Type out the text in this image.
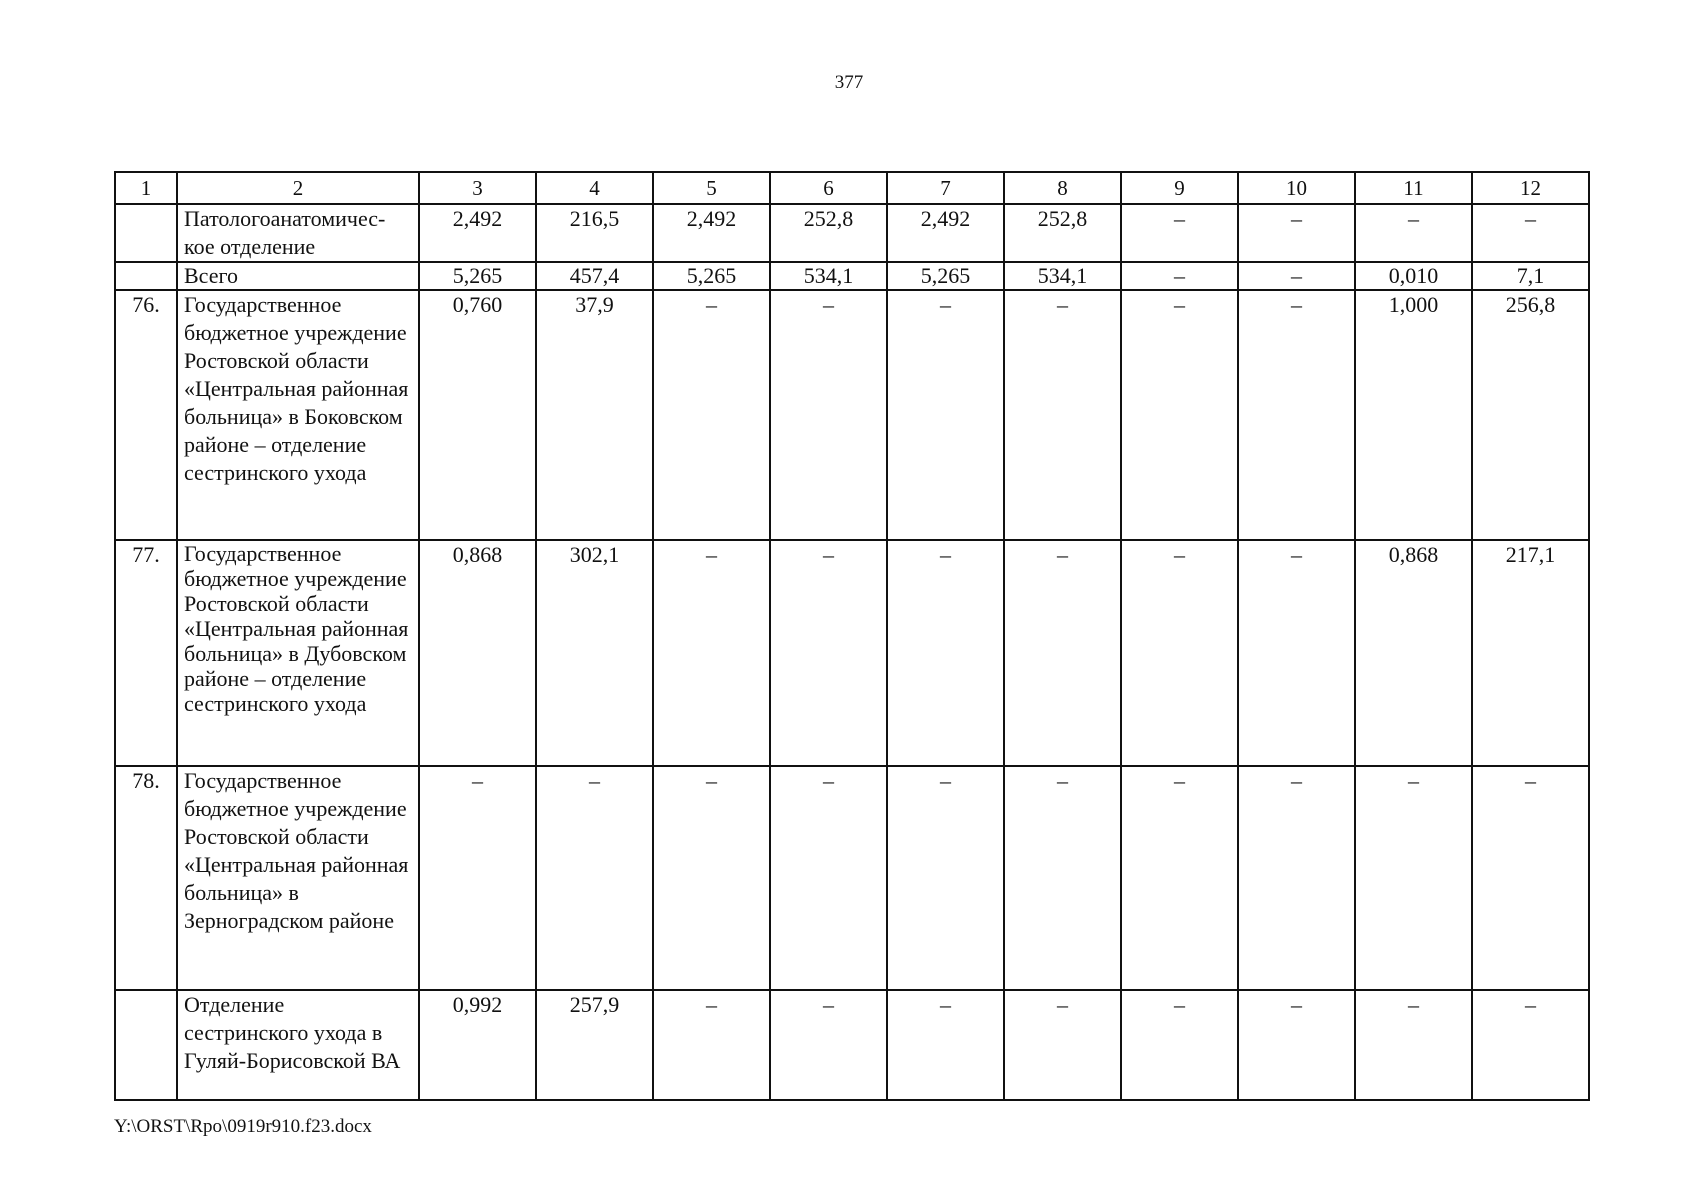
377
1	2	3	4	5	6	7	8	9	10	11	12
	Патологоанатомичес-кое отделение	2,492	216,5	2,492	252,8	2,492	252,8	–	–	–	–
	Всего	5,265	457,4	5,265	534,1	5,265	534,1	–	–	0,010	7,1
76.	Государственное бюджетное учреждение Ростовской области «Центральная районная больница» в Боковском районе – отделение сестринского ухода	0,760	37,9	–	–	–	–	–	–	1,000	256,8
77.	Государственное бюджетное учреждение Ростовской области «Центральная районная больница» в Дубовском районе – отделение сестринского ухода	0,868	302,1	–	–	–	–	–	–	0,868	217,1
78.	Государственное бюджетное учреждение Ростовской области «Центральная районная больница» в Зерноградском районе	–	–	–	–	–	–	–	–	–	–
	Отделение сестринского ухода в Гуляй-Борисовской ВА	0,992	257,9	–	–	–	–	–	–	–	–
Y:\ORST\Rpo\0919r910.f23.docx
